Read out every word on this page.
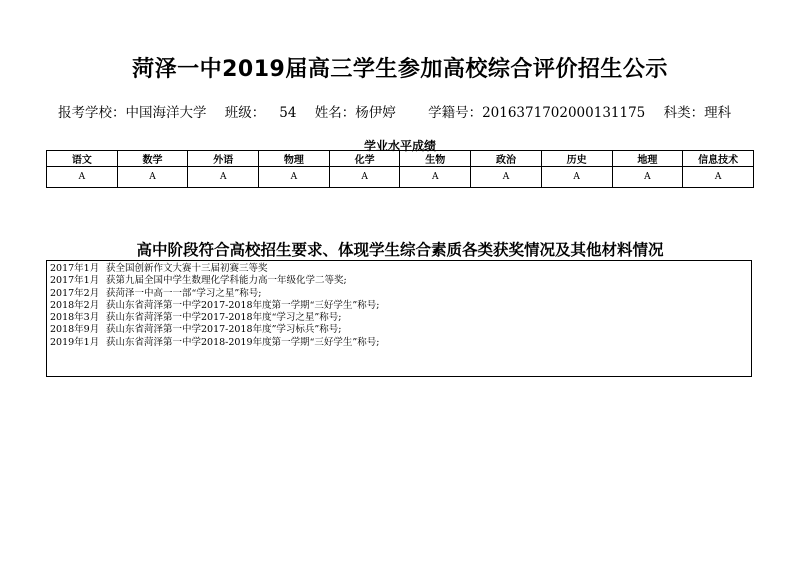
菏泽一中2019届高三学生参加高校综合评价招生公示
报考学校：中国海洋大学 班级： 54 姓名：杨伊婷 学籍号：2016371702000131175 科类：理科
学业水平成绩
语文	数学	外语	物理	化学	生物	政治	历史	地理	信息技术
A	A	A	A	A	A	A	A	A	A
高中阶段符合高校招生要求、体现学生综合素质各类获奖情况及其他材料情况
2017年1月 获全国创新作文大赛十三届初赛三等奖
2017年1月 获第九届全国中学生数理化学科能力高一年级化学二等奖;
2017年2月 获菏泽一中高一一部“学习之星”称号;
2018年2月 获山东省菏泽第一中学2017-2018年度第一学期“三好学生”称号;
2018年3月 获山东省菏泽第一中学2017-2018年度“学习之星”称号;
2018年9月 获山东省菏泽第一中学2017-2018年度”学习标兵”称号;
2019年1月 获山东省菏泽第一中学2018-2019年度第一学期“三好学生”称号;
